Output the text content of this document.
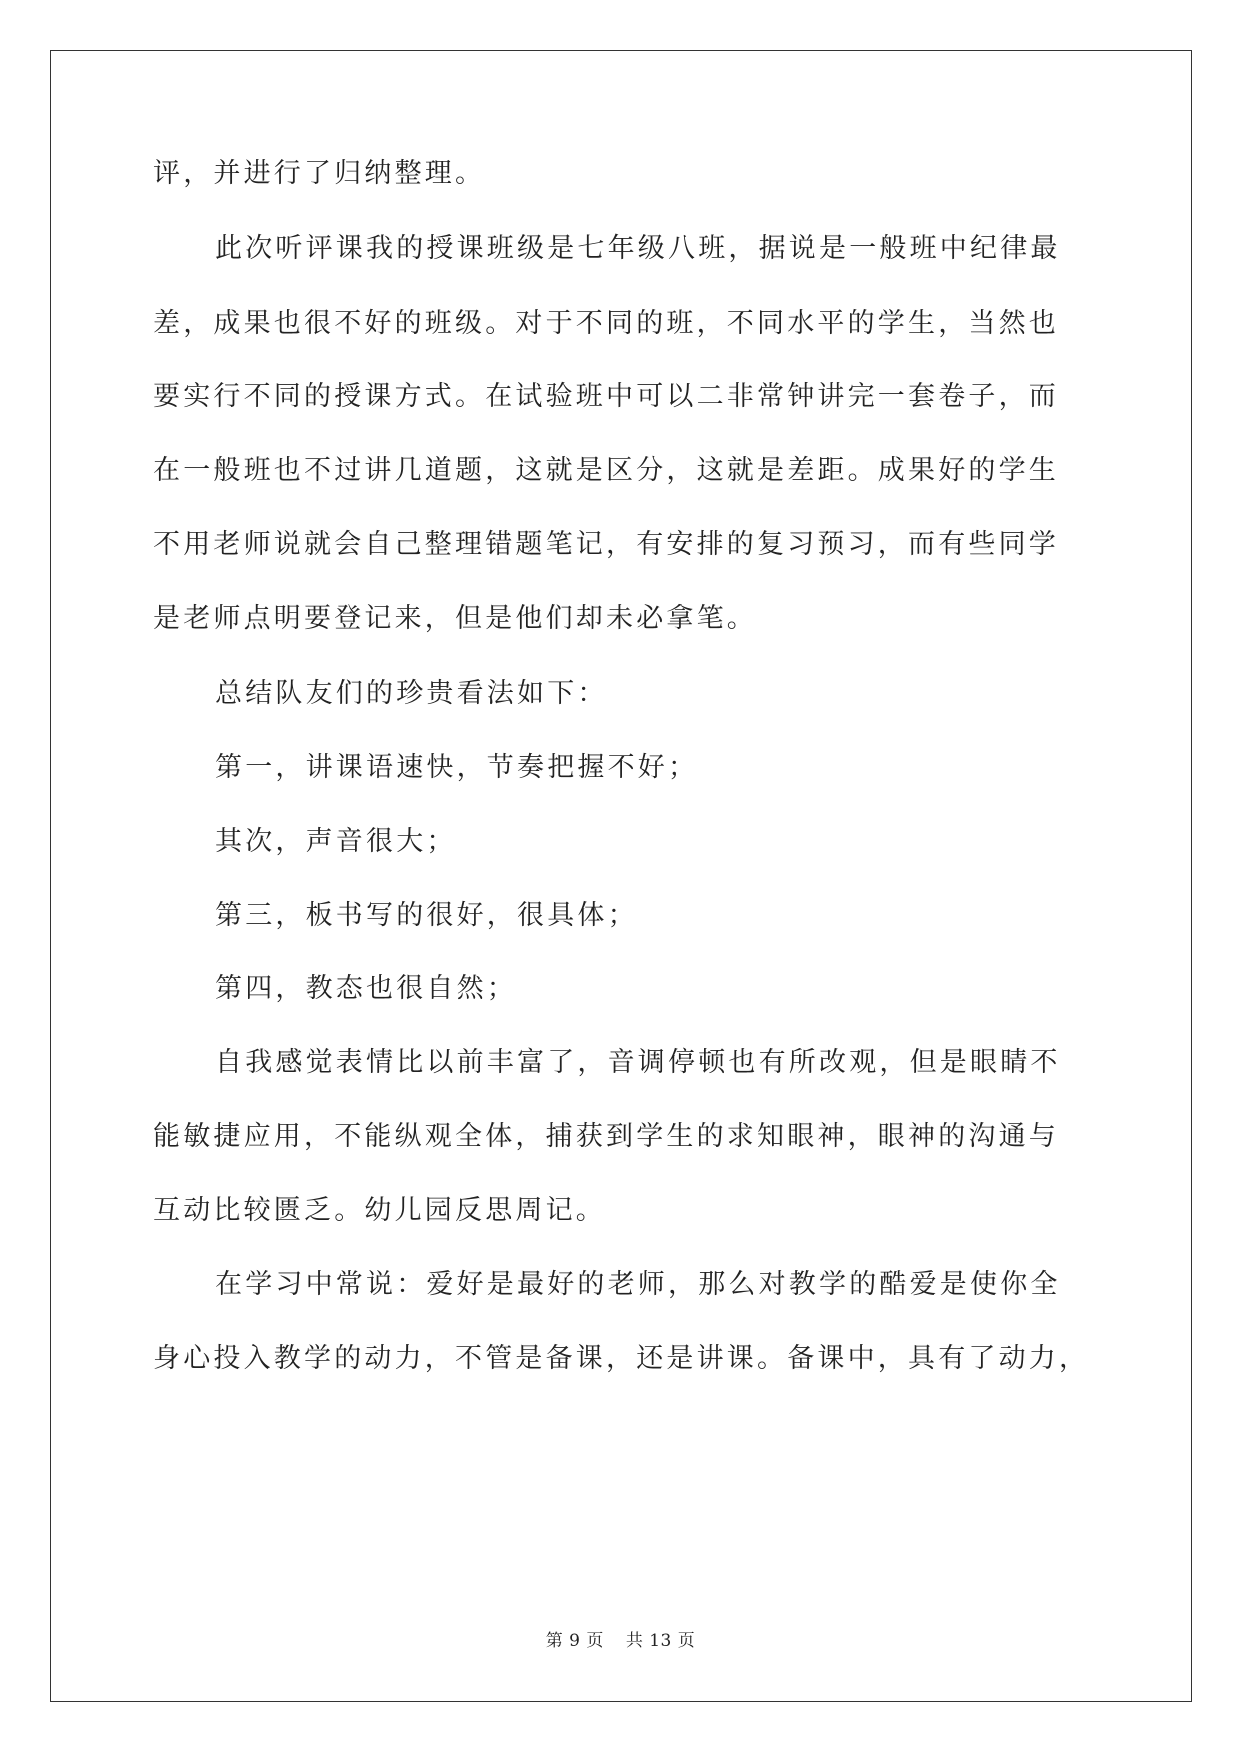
评，并进行了归纳整理。
此次听评课我的授课班级是七年级八班，据说是一般班中纪律最
差，成果也很不好的班级。对于不同的班，不同水平的学生，当然也
要实行不同的授课方式。在试验班中可以二非常钟讲完一套卷子，而
在一般班也不过讲几道题，这就是区分，这就是差距。成果好的学生
不用老师说就会自己整理错题笔记，有安排的复习预习，而有些同学
是老师点明要登记来，但是他们却未必拿笔。
总结队友们的珍贵看法如下：
第一，讲课语速快，节奏把握不好；
其次，声音很大；
第三，板书写的很好，很具体；
第四，教态也很自然；
自我感觉表情比以前丰富了，音调停顿也有所改观，但是眼睛不
能敏捷应用，不能纵观全体，捕获到学生的求知眼神，眼神的沟通与
互动比较匮乏。幼儿园反思周记。
在学习中常说：爱好是最好的老师，那么对教学的酷爱是使你全
身心投入教学的动力，不管是备课，还是讲课。备课中，具有了动力，
第 9 页 共 13 页
